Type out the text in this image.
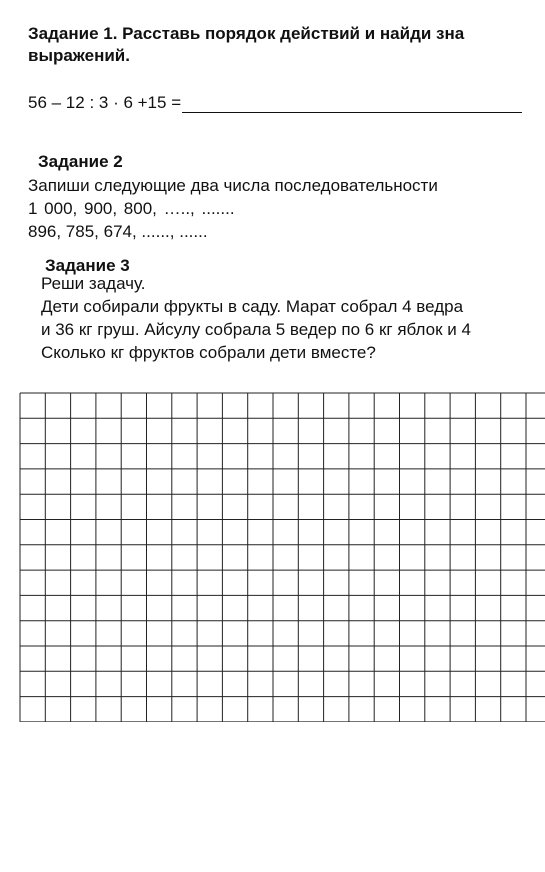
Задание 1. Расставь порядок действий и найди зна
выражений.
56 – 12 : 3 · 6 +15 =
Задание 2
Запиши следующие два числа последовательности
1 000, 900, 800, ….., .......
896, 785, 674, ......, ......
Задание 3
Реши задачу.
Дети собирали фрукты в саду. Марат собрал 4 ведра
и 36 кг груш. Айсулу собрала 5 ведер по 6 кг яблок и 4
Сколько кг фруктов собрали дети вместе?
